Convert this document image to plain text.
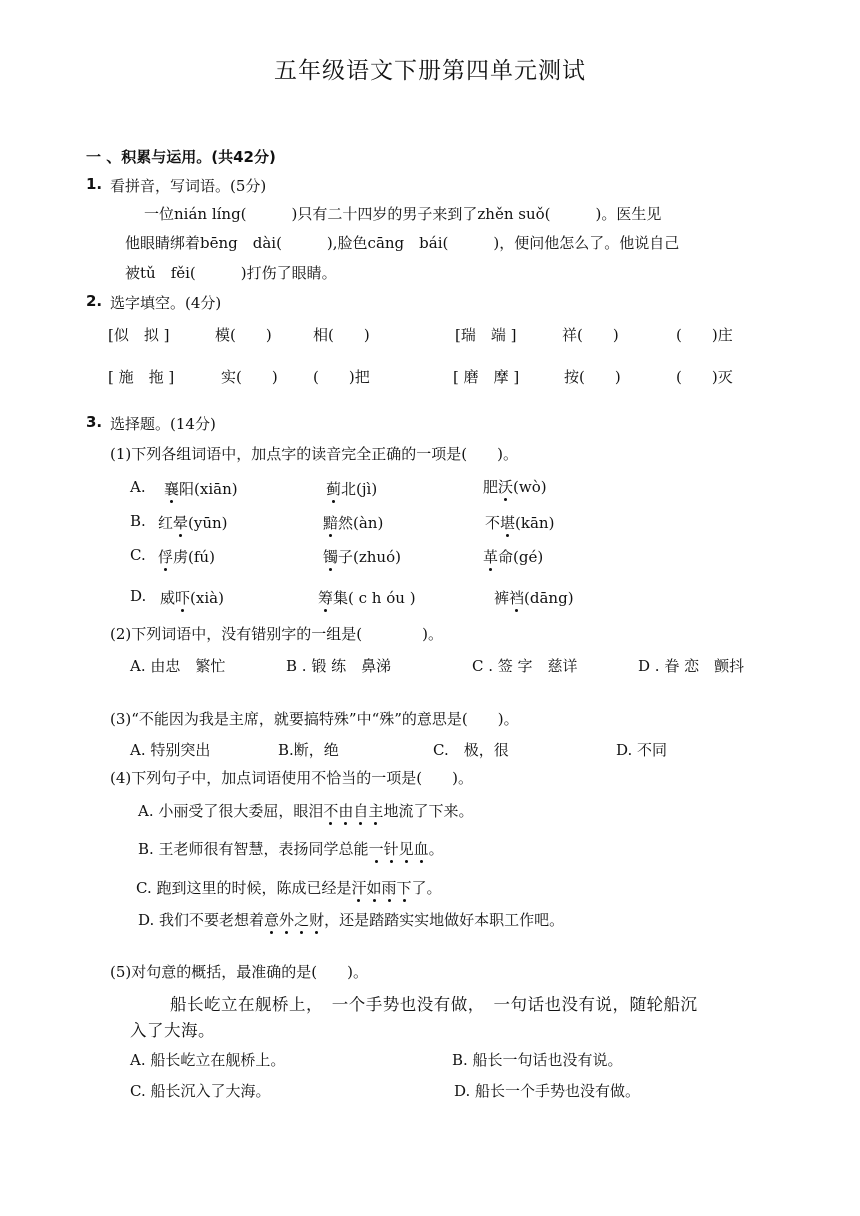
五年级语文下册第四单元测试
一 、积累与运用。(共42分)
1. 看拼音，写词语。(5分)
一位nián líng(　　　)只有二十四岁的男子来到了zhěn suǒ(　　　)。医生见
他眼睛绑着bēng　dài(　　　),脸色cāng　bái(　　　)，便问他怎么了。他说自己
被tǔ　fěi(　　　)打伤了眼睛。
2. 选字填空。(4分)
[似　拟 ]	模(　　)	相(　　)	[瑞　端 ]	祥(　　)	(　　)庄
[ 施　拖 ]	实(　　) (　　)把	[ 磨　摩 ]	按(　　)	(　　)灭
3. 选择题。(14分)
(1)下列各组词语中，加点字的读音完全正确的一项是(　　)。
A. 襄阳(xiān)	蓟北(jì)	肥沃(wò)
B. 红晕(yūn)	黯然(àn)	不堪(kān)
C. 俘虏(fú)	镯子(zhuó)	革命(gé)
D. 威吓(xià)	筹集( c h óu )	裤裆(dāng)
(2)下列词语中，没有错别字的一组是(　　　　)。
A. 由忠　繁忙	B . 锻 练　鼻涕	C . 签 字　慈详	D . 眷 恋　颤抖
(3)“不能因为我是主席，就要搞特殊”中“殊”的意思是(　　)。
A. 特别突出	B.断，绝	C.　极，很	D. 不同
(4)下列句子中，加点词语使用不恰当的一项是(　　)。
A. 小丽受了很大委屈，眼泪不由自主地流了下来。
B. 王老师很有智慧，表扬同学总能一针见血。
C. 跑到这里的时候，陈成已经是汗如雨下了。
D. 我们不要老想着意外之财，还是踏踏实实地做好本职工作吧。
(5)对句意的概括，最准确的是(　　)。
船长屹立在舰桥上，　一个手势也没有做，　一句话也没有说，随轮船沉
入了大海。
A. 船长屹立在舰桥上。	B. 船长一句话也没有说。
C. 船长沉入了大海。	D. 船长一个手势也没有做。
